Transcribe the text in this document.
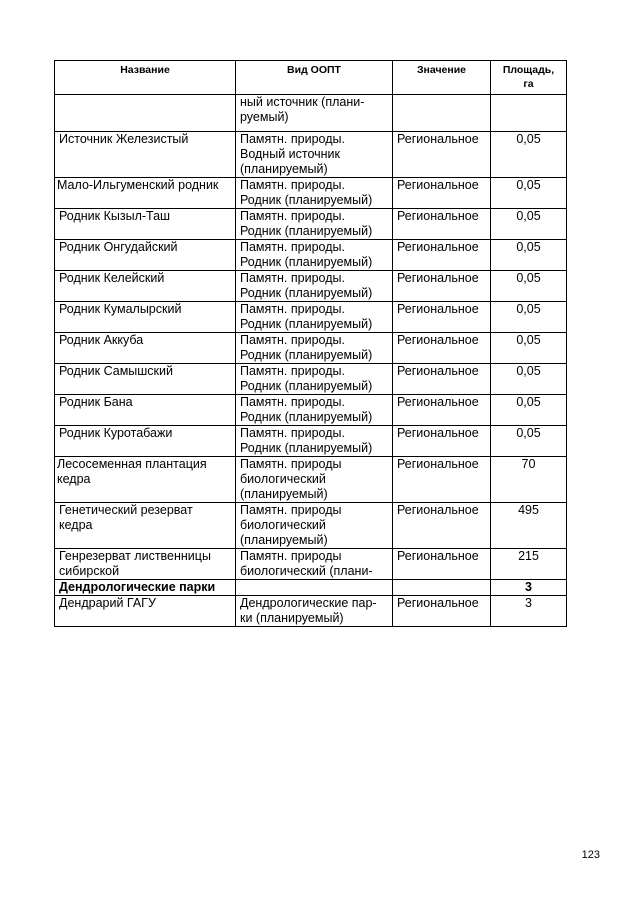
Название	Вид ООПТ	Значение	Площадь,
га
	ный источник (плани-
руемый)		
Источник Железистый	Памятн. природы.
Водный источник
(планируемый)	Региональное	0,05
Мало-Ильгуменский родник	Памятн. природы.
Родник (планируемый)	Региональное	0,05
Родник Кызыл-Таш	Памятн. природы.
Родник (планируемый)	Региональное	0,05
Родник Онгудайский	Памятн. природы.
Родник (планируемый)	Региональное	0,05
Родник Келейский	Памятн. природы.
Родник (планируемый)	Региональное	0,05
Родник Кумалырский	Памятн. природы.
Родник (планируемый)	Региональное	0,05
Родник Аккуба	Памятн. природы.
Родник (планируемый)	Региональное	0,05
Родник Самышский	Памятн. природы.
Родник (планируемый)	Региональное	0,05
Родник Бана	Памятн. природы.
Родник (планируемый)	Региональное	0,05
Родник Куротабажи	Памятн. природы.
Родник (планируемый)	Региональное	0,05
Лесосеменная плантация
кедра	Памятн. природы
биологический
(планируемый)	Региональное	70
Генетический резерват
кедра	Памятн. природы
биологический
(планируемый)	Региональное	495
Генрезерват лиственницы
сибирской	Памятн. природы
биологический (плани-	Региональное	215
Дендрологические парки			3
Дендрарий ГАГУ	Дендрологические пар-
ки (планируемый)	Региональное	3
123
